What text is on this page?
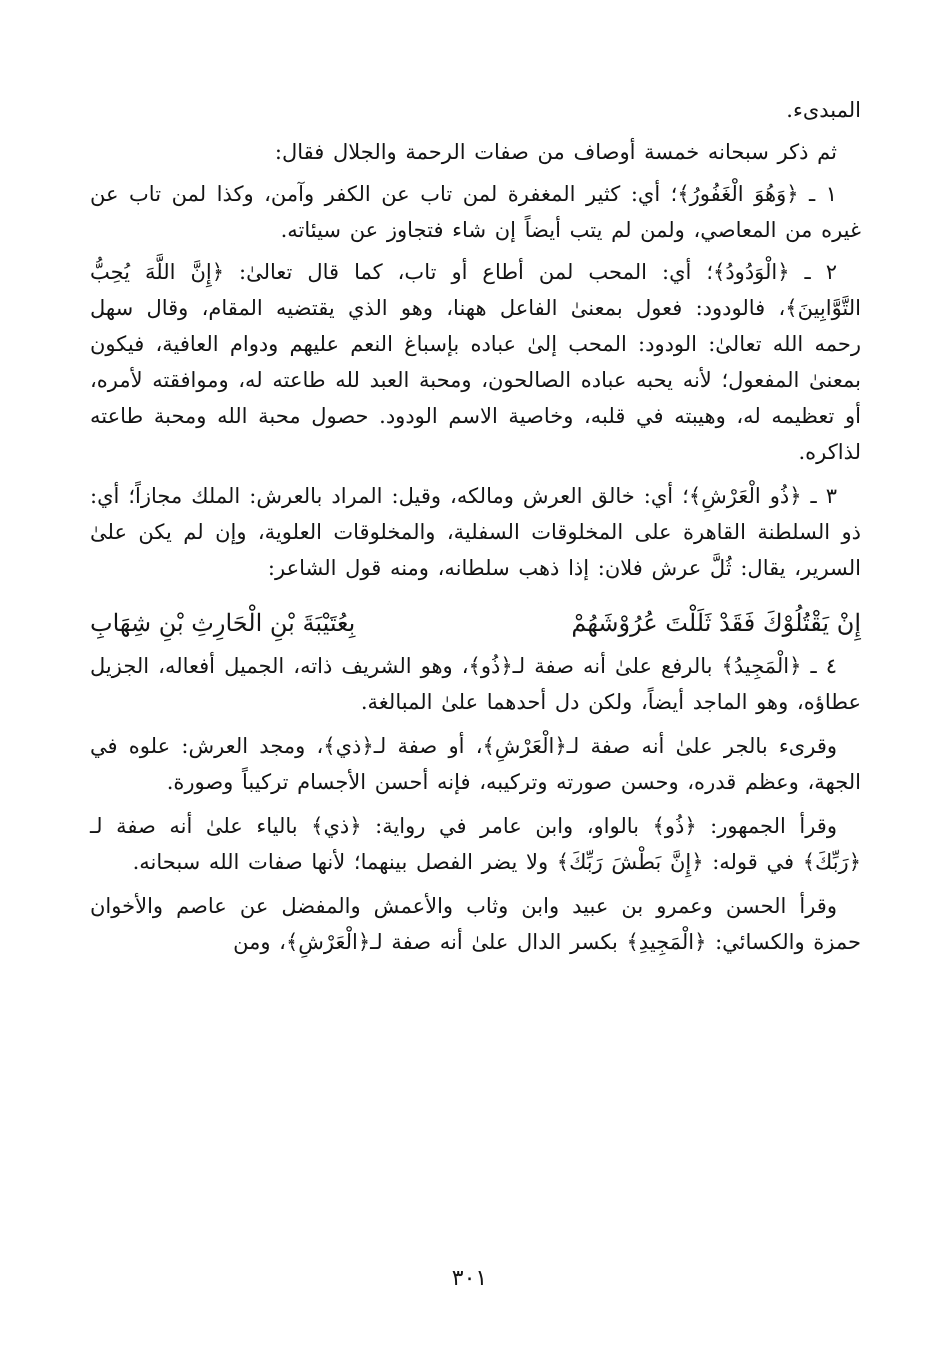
المبدىء.

ثم ذكر سبحانه خمسة أوصاف من صفات الرحمة والجلال فقال:

١ ـ ﴿وَهُوَ الْغَفُورُ﴾؛ أي: كثير المغفرة لمن تاب عن الكفر وآمن، وكذا لمن تاب عن غيره من المعاصي، ولمن لم يتب أيضاً إن شاء فتجاوز عن سيئاته.

٢ ـ ﴿الْوَدُودُ﴾؛ أي: المحب لمن أطاع أو تاب، كما قال تعالىٰ: ﴿إِنَّ اللَّهَ يُحِبُّ التَّوَّابِينَ﴾، فالودود: فعول بمعنىٰ الفاعل ههنا، وهو الذي يقتضيه المقام، وقال سهل رحمه الله تعالىٰ: الودود: المحب إلىٰ عباده بإسباغ النعم عليهم ودوام العافية، فيكون بمعنىٰ المفعول؛ لأنه يحبه عباده الصالحون، ومحبة العبد لله طاعته له، وموافقته لأمره، أو تعظيمه له، وهيبته في قلبه، وخاصية الاسم الودود. حصول محبة الله ومحبة طاعته لذاكره.

٣ ـ ﴿ذُو الْعَرْشِ﴾؛ أي: خالق العرش ومالكه، وقيل: المراد بالعرش: الملك مجازاً؛ أي: ذو السلطنة القاهرة على المخلوقات السفلية، والمخلوقات العلوية، وإن لم يكن علىٰ السرير، يقال: ثُلَّ عرش فلان: إذا ذهب سلطانه، ومنه قول الشاعر:

إِنْ يَقْتُلُوْكَ فَقَدْ ثَلَلْتَ عُرُوْشَهُمْ
بِعُتَيْبَةَ بْنِ الْحَارِثِ بْنِ شِهَابِ

٤ ـ ﴿الْمَجِيدُ﴾ بالرفع علىٰ أنه صفة لـ﴿ذُو﴾، وهو الشريف ذاته، الجميل أفعاله، الجزيل عطاؤه، وهو الماجد أيضاً، ولكن دل أحدهما علىٰ المبالغة.

وقرىء بالجر علىٰ أنه صفة لـ﴿الْعَرْشِ﴾، أو صفة لـ﴿ذي﴾، ومجد العرش: علوه في الجهة، وعظم قدره، وحسن صورته وتركيبه، فإنه أحسن الأجسام تركيباً وصورة.

وقرأ الجمهور: ﴿ذُو﴾ بالواو، وابن عامر في رواية: ﴿ذي﴾ بالياء علىٰ أنه صفة لـ ﴿رَبِّكَ﴾ في قوله: ﴿إِنَّ بَطْشَ رَبِّكَ﴾ ولا يضر الفصل بينهما؛ لأنها صفات الله سبحانه.

وقرأ الحسن وعمرو بن عبيد وابن وثاب والأعمش والمفضل عن عاصم والأخوان حمزة والكسائي: ﴿الْمَجِيدِ﴾ بكسر الدال علىٰ أنه صفة لـ﴿الْعَرْشِ﴾، ومن

٣٠١
